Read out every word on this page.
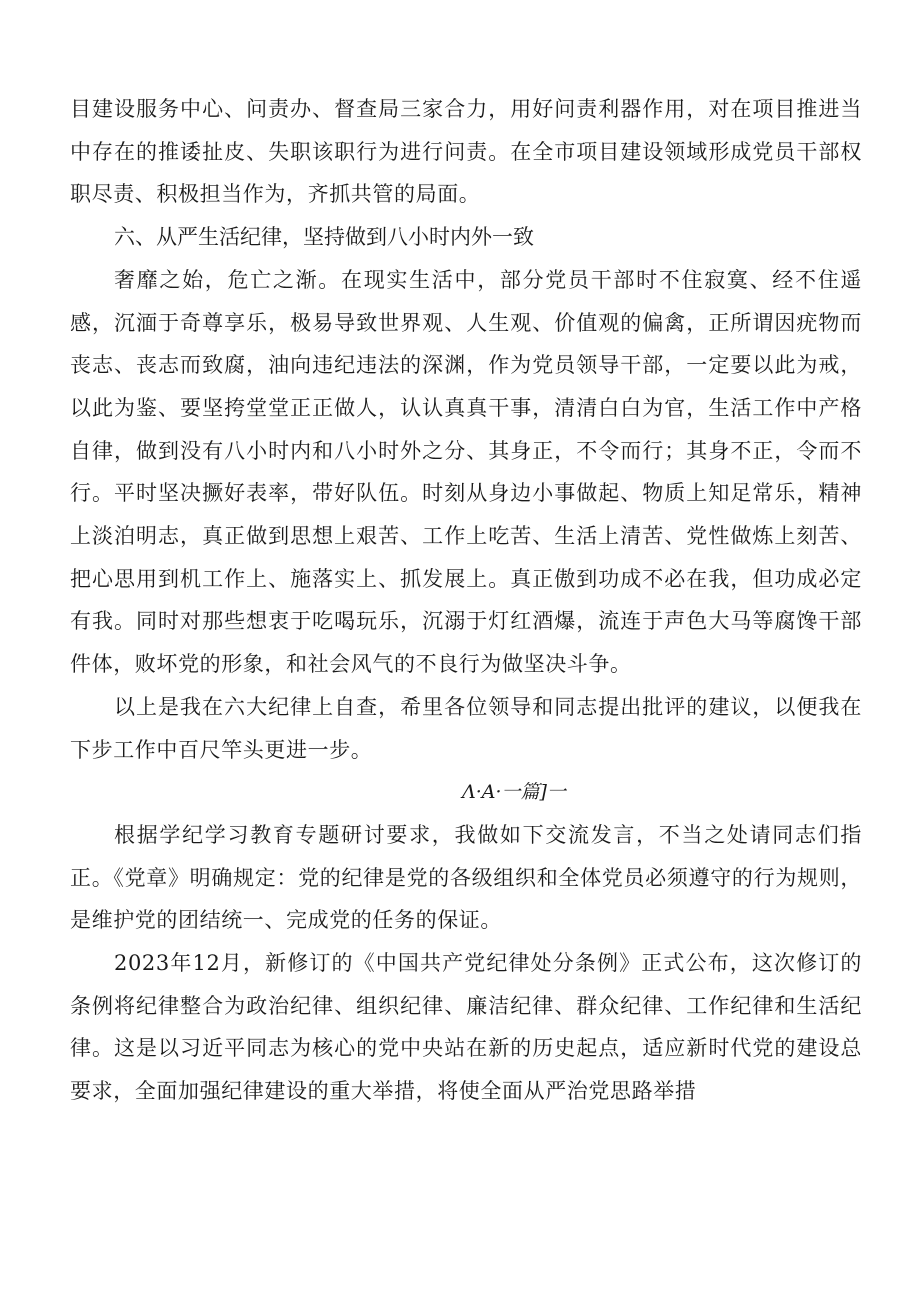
目建设服务中心、问责办、督查局三家合力，用好问责利器作用，对在项目推进当中存在的推诿扯皮、失职该职行为进行问责。在全市项目建设领域形成党员干部权职尽责、积极担当作为，齐抓共管的局面。

六、从严生活纪律，坚持做到八小时内外一致

奢靡之始，危亡之渐。在现实生活中，部分党员干部时不住寂寞、经不住遥感，沉湎于奇尊享乐，极易导致世界观、人生观、价值观的偏禽，正所谓因疣物而丧志、丧志而致腐，油向违纪违法的深渊，作为党员领导干部，一定要以此为戒，以此为鉴、要坚挎堂堂正正做人，认认真真干事，清清白白为官，生活工作中产格自律，做到没有八小时内和八小时外之分、其身正，不令而行；其身不正，令而不行。平时坚决撅好表率，带好队伍。时刻从身边小事做起、物质上知足常乐，精神上淡泊明志，真正做到思想上艰苦、工作上吃苦、生活上清苦、党性做炼上刻苦、把心思用到机工作上、施落实上、抓发展上。真正傲到功成不必在我，但功成必定有我。同时对那些想衷于吃喝玩乐，沉溺于灯红酒爆，流连于声色大马等腐馋干部件体，败坏党的形象，和社会风气的不良行为做坚决斗争。

以上是我在六大纪律上自查，希里各位领导和同志提出批评的建议，以便我在下步工作中百尺竿头更进一步。

Λ·A·一篇]一

根据学纪学习教育专题研讨要求，我做如下交流发言，不当之处请同志们指正。《党章》明确规定：党的纪律是党的各级组织和全体党员必须遵守的行为规则，是维护党的团结统一、完成党的任务的保证。

2023年12月，新修订的《中国共产党纪律处分条例》正式公布，这次修订的条例将纪律整合为政治纪律、组织纪律、廉洁纪律、群众纪律、工作纪律和生活纪律。这是以习近平同志为核心的党中央站在新的历史起点，适应新时代党的建设总要求，全面加强纪律建设的重大举措，将使全面从严治党思路举措
